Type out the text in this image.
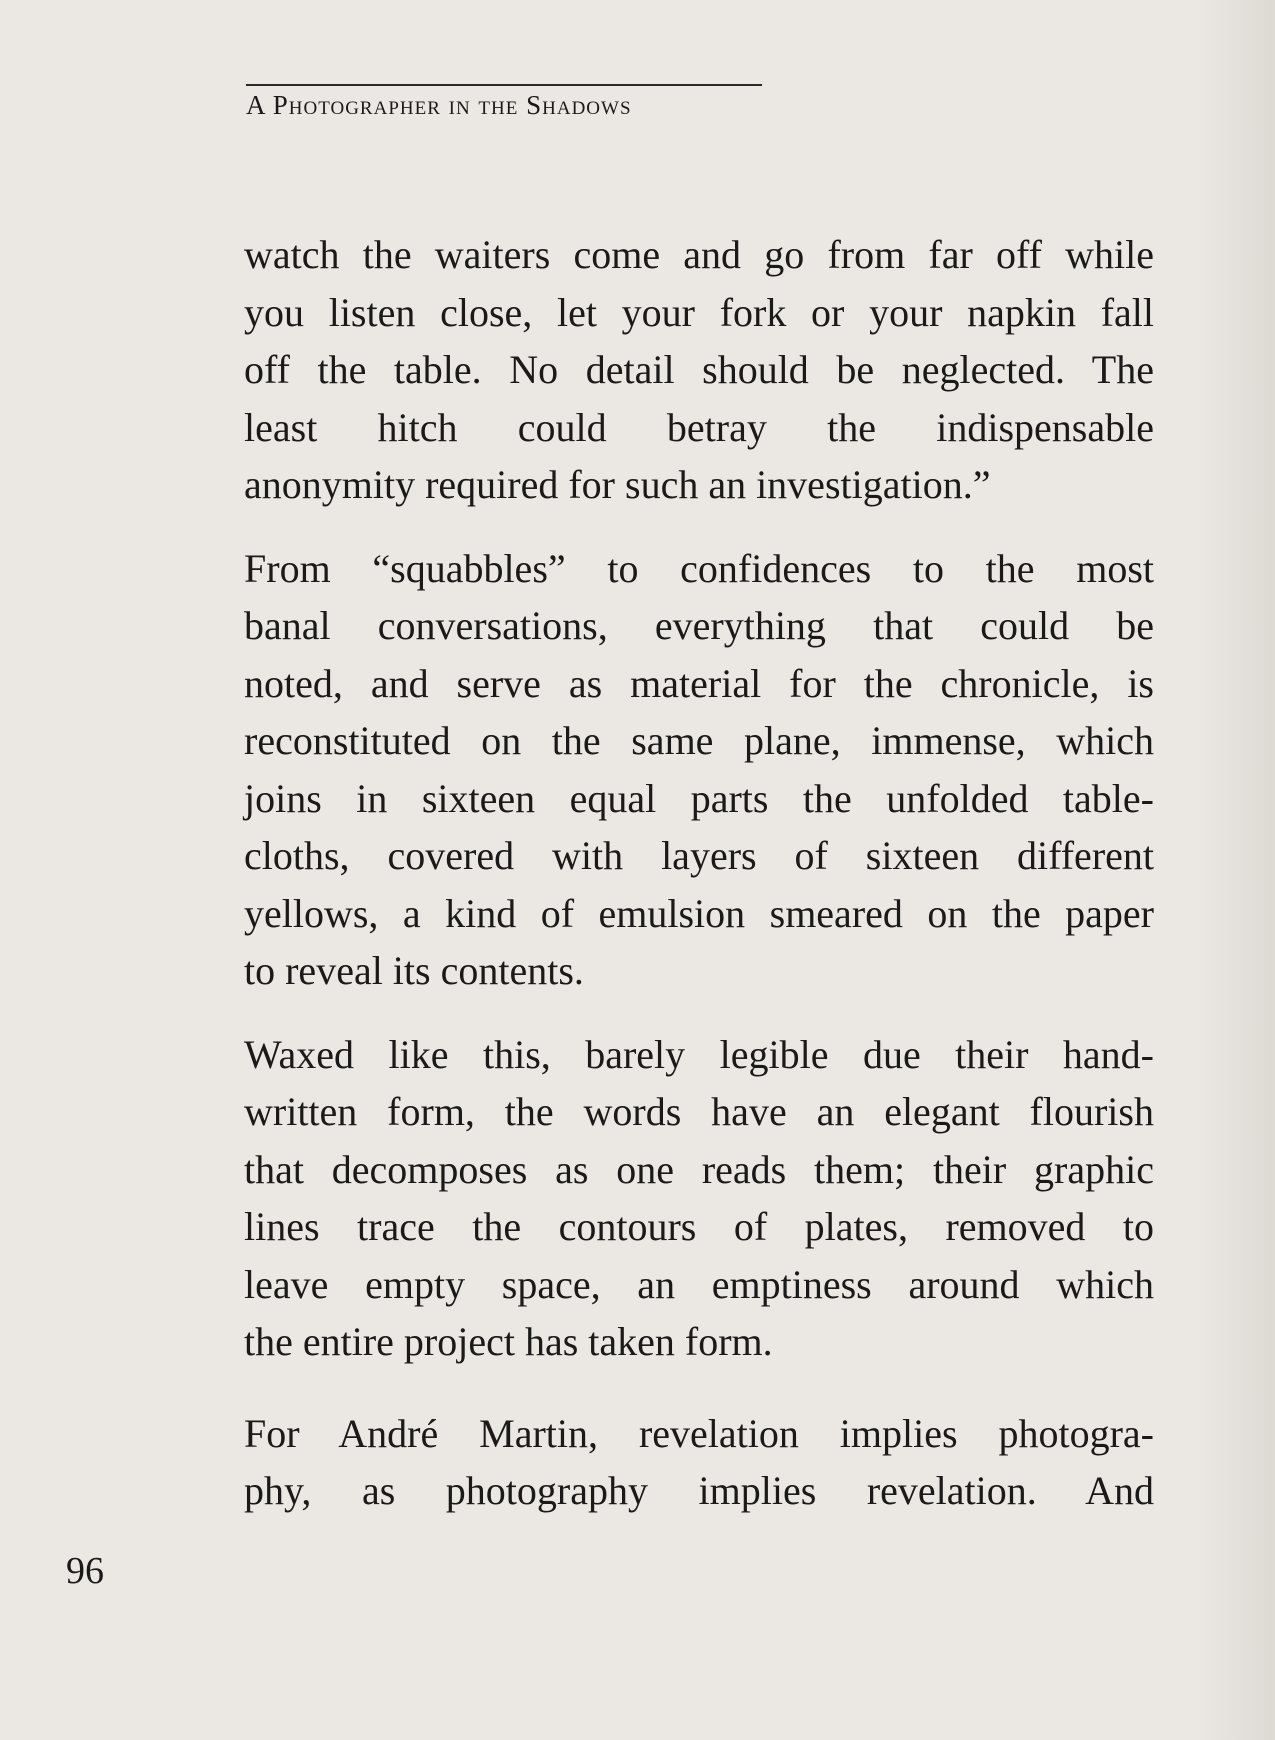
A Photographer in the Shadows
watch the waiters come and go from far off while
you listen close, let your fork or your napkin fall
off the table. No detail should be neglected. The
least hitch could betray the indispensable
anonymity required for such an investigation.”
From “squabbles” to confidences to the most
banal conversations, everything that could be
noted, and serve as material for the chronicle, is
reconstituted on the same plane, immense, which
joins in sixteen equal parts the unfolded table-
cloths, covered with layers of sixteen different
yellows, a kind of emulsion smeared on the paper
to reveal its contents.
Waxed like this, barely legible due their hand-
written form, the words have an elegant flourish
that decomposes as one reads them; their graphic
lines trace the contours of plates, removed to
leave empty space, an emptiness around which
the entire project has taken form.
For André Martin, revelation implies photogra-
phy, as photography implies revelation. And
96
